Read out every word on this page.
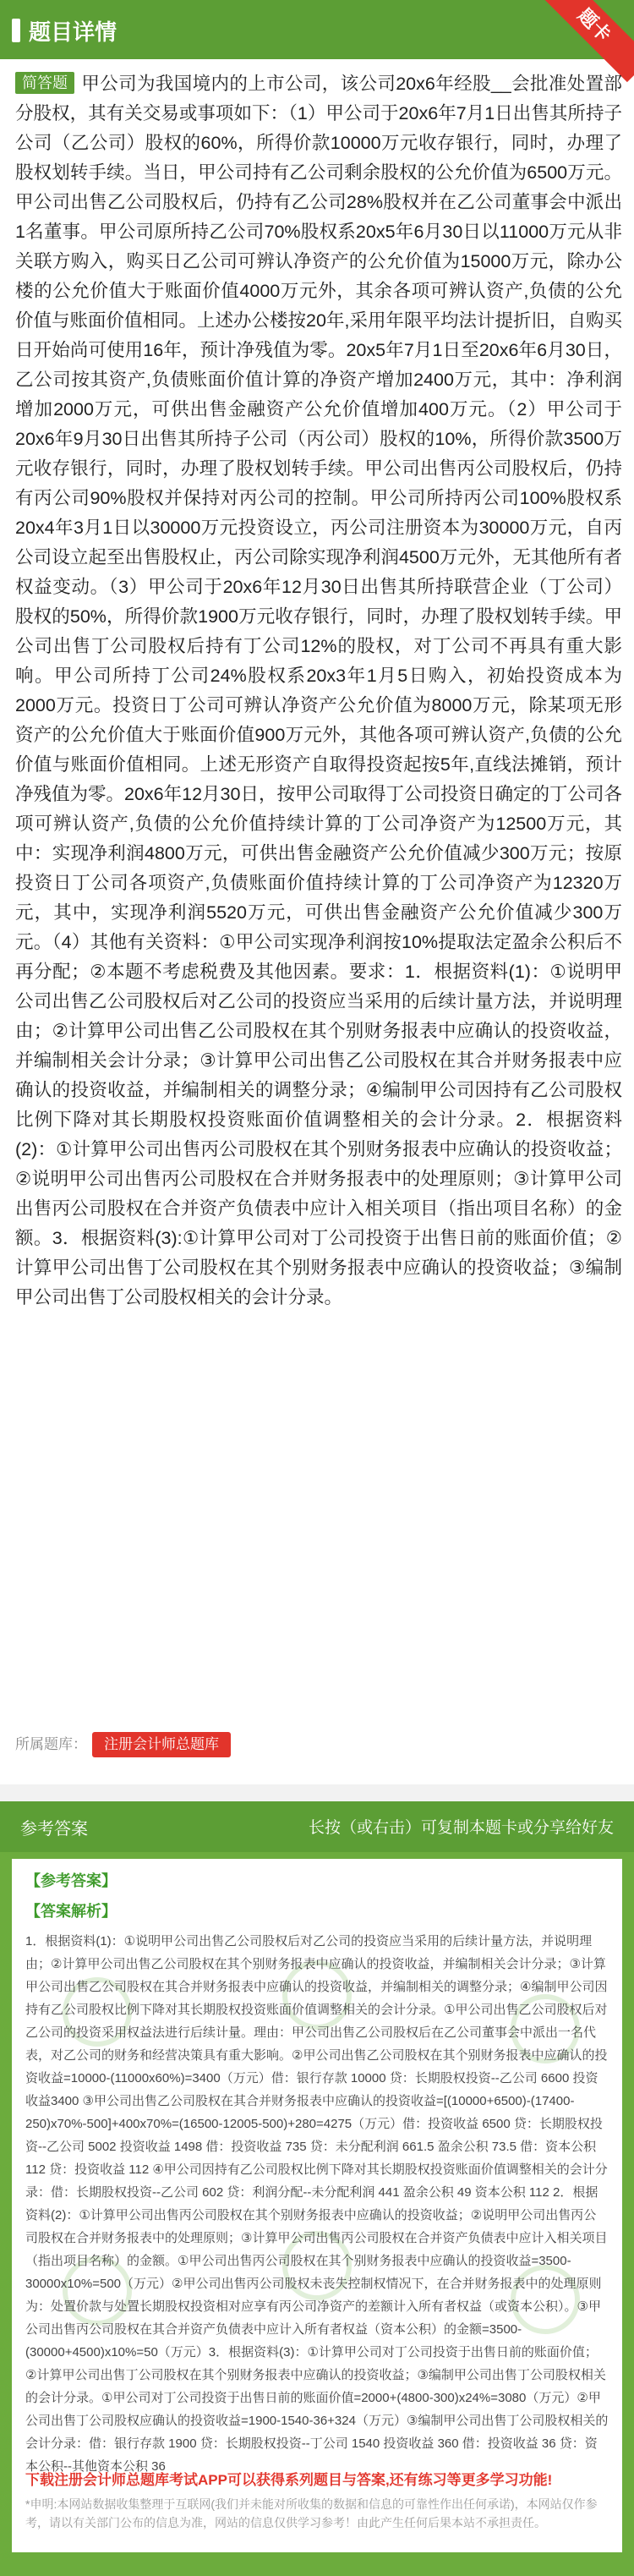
题目详情	题卡
简答题 甲公司为我国境内的上市公司，该公司20x6年经股__会批准处置部分股权，其有关交易或事项如下：（1）甲公司于20x6年7月1日出售其所持子公司（乙公司）股权的60%，所得价款10000万元收存银行，同时，办理了股权划转手续。当日，甲公司持有乙公司剩余股权的公允价值为6500万元。甲公司出售乙公司股权后，仍持有乙公司28%股权并在乙公司董事会中派出1名董事。甲公司原所持乙公司70%股权系20x5年6月30日以11000万元从非关联方购入，购买日乙公司可辨认净资产的公允价值为15000万元，除办公楼的公允价值大于账面价值4000万元外，其余各项可辨认资产,负债的公允价值与账面价值相同。上述办公楼按20年,采用年限平均法计提折旧，自购买日开始尚可使用16年，预计净残值为零。20x5年7月1日至20x6年6月30日，乙公司按其资产,负债账面价值计算的净资产增加2400万元，其中：净利润增加2000万元，可供出售金融资产公允价值增加400万元。（2）甲公司于20x6年9月30日出售其所持子公司（丙公司）股权的10%，所得价款3500万元收存银行，同时，办理了股权划转手续。甲公司出售丙公司股权后，仍持有丙公司90%股权并保持对丙公司的控制。甲公司所持丙公司100%股权系20x4年3月1日以30000万元投资设立，丙公司注册资本为30000万元，自丙公司设立起至出售股权止，丙公司除实现净利润4500万元外，无其他所有者权益变动。（3）甲公司于20x6年12月30日出售其所持联营企业（丁公司）股权的50%，所得价款1900万元收存银行，同时，办理了股权划转手续。甲公司出售丁公司股权后持有丁公司12%的股权，对丁公司不再具有重大影响。甲公司所持丁公司24%股权系20x3年1月5日购入，初始投资成本为2000万元。投资日丁公司可辨认净资产公允价值为8000万元，除某项无形资产的公允价值大于账面价值900万元外，其他各项可辨认资产,负债的公允价值与账面价值相同。上述无形资产自取得投资起按5年,直线法摊销，预计净残值为零。20x6年12月30日，按甲公司取得丁公司投资日确定的丁公司各项可辨认资产,负债的公允价值持续计算的丁公司净资产为12500万元，其中：实现净利润4800万元，可供出售金融资产公允价值减少300万元；按原投资日丁公司各项资产,负债账面价值持续计算的丁公司净资产为12320万元，其中，实现净利润5520万元，可供出售金融资产公允价值减少300万元。（4）其他有关资料：①甲公司实现净利润按10%提取法定盈余公积后不再分配；②本题不考虑税费及其他因素。要求：1．根据资料(1)：①说明甲公司出售乙公司股权后对乙公司的投资应当采用的后续计量方法，并说明理由；②计算甲公司出售乙公司股权在其个别财务报表中应确认的投资收益，并编制相关会计分录；③计算甲公司出售乙公司股权在其合并财务报表中应确认的投资收益，并编制相关的调整分录；④编制甲公司因持有乙公司股权比例下降对其长期股权投资账面价值调整相关的会计分录。2．根据资料(2)：①计算甲公司出售丙公司股权在其个别财务报表中应确认的投资收益；②说明甲公司出售丙公司股权在合并财务报表中的处理原则；③计算甲公司出售丙公司股权在合并资产负债表中应计入相关项目（指出项目名称）的金额。3．根据资料(3):①计算甲公司对丁公司投资于出售日前的账面价值；②计算甲公司出售丁公司股权在其个别财务报表中应确认的投资收益；③编制甲公司出售丁公司股权相关的会计分录。
所属题库： 注册会计师总题库
参考答案	长按（或右击）可复制本题卡或分享给好友
【参考答案】
【答案解析】
1．根据资料(1)：①说明甲公司出售乙公司股权后对乙公司的投资应当采用的后续计量方法，并说明理由；②计算甲公司出售乙公司股权在其个别财务报表中应确认的投资收益，并编制相关会计分录；③计算甲公司出售乙公司股权在其合并财务报表中应确认的投资收益，并编制相关的调整分录；④编制甲公司因持有乙公司股权比例下降对其长期股权投资账面价值调整相关的会计分录。①甲公司出售乙公司股权后对乙公司的投资采用权益法进行后续计量。理由：甲公司出售乙公司股权后在乙公司董事会中派出一名代表，对乙公司的财务和经营决策具有重大影响。②甲公司出售乙公司股权在其个别财务报表中应确认的投资收益=10000-(11000x60%)=3400（万元）借：银行存款 10000 贷：长期股权投资--乙公司 6600 投资收益3400 ③甲公司出售乙公司股权在其合并财务报表中应确认的投资收益=[(10000+6500)-(17400-250)x70%-500]+400x70%=(16500-12005-500)+280=4275（万元）借：投资收益 6500 贷：长期股权投资--乙公司 5002 投资收益 1498 借：投资收益 735 贷：未分配利润 661.5 盈余公积 73.5 借：资本公积 112 贷：投资收益 112 ④甲公司因持有乙公司股权比例下降对其长期股权投资账面价值调整相关的会计分录：借：长期股权投资--乙公司 602 贷：利润分配--未分配利润 441 盈余公积 49 资本公积 112 2．根据资料(2)：①计算甲公司出售丙公司股权在其个别财务报表中应确认的投资收益；②说明甲公司出售丙公司股权在合并财务报表中的处理原则；③计算甲公司出售丙公司股权在合并资产负债表中应计入相关项目（指出项目名称）的金额。①甲公司出售丙公司股权在其个别财务报表中应确认的投资收益=3500-30000x10%=500（万元）②甲公司出售丙公司股权未丧失控制权情况下，在合并财务报表中的处理原则为：处置价款与处置长期股权投资相对应享有丙公司净资产的差额计入所有者权益（或资本公积）。③甲公司出售丙公司股权在其合并资产负债表中应计入所有者权益（资本公积）的金额=3500-(30000+4500)x10%=50（万元）3．根据资料(3)：①计算甲公司对丁公司投资于出售日前的账面价值；②计算甲公司出售丁公司股权在其个别财务报表中应确认的投资收益；③编制甲公司出售丁公司股权相关的会计分录。①甲公司对丁公司投资于出售日前的账面价值=2000+(4800-300)x24%=3080（万元）②甲公司出售丁公司股权应确认的投资收益=1900-1540-36+324（万元）③编制甲公司出售丁公司股权相关的会计分录：借：银行存款 1900 贷：长期股权投资--丁公司 1540 投资收益 360 借：投资收益 36 贷：资本公积--其他资本公积 36
下载注册会计师总题库考试APP可以获得系列题目与答案,还有练习等更多学习功能!
*申明:本网站数据收集整理于互联网(我们并未能对所收集的数据和信息的可靠性作出任何承诺)，本网站仅作参考，请以有关部门公布的信息为准，网站的信息仅供学习参考！由此产生任何后果本站不承担责任。
